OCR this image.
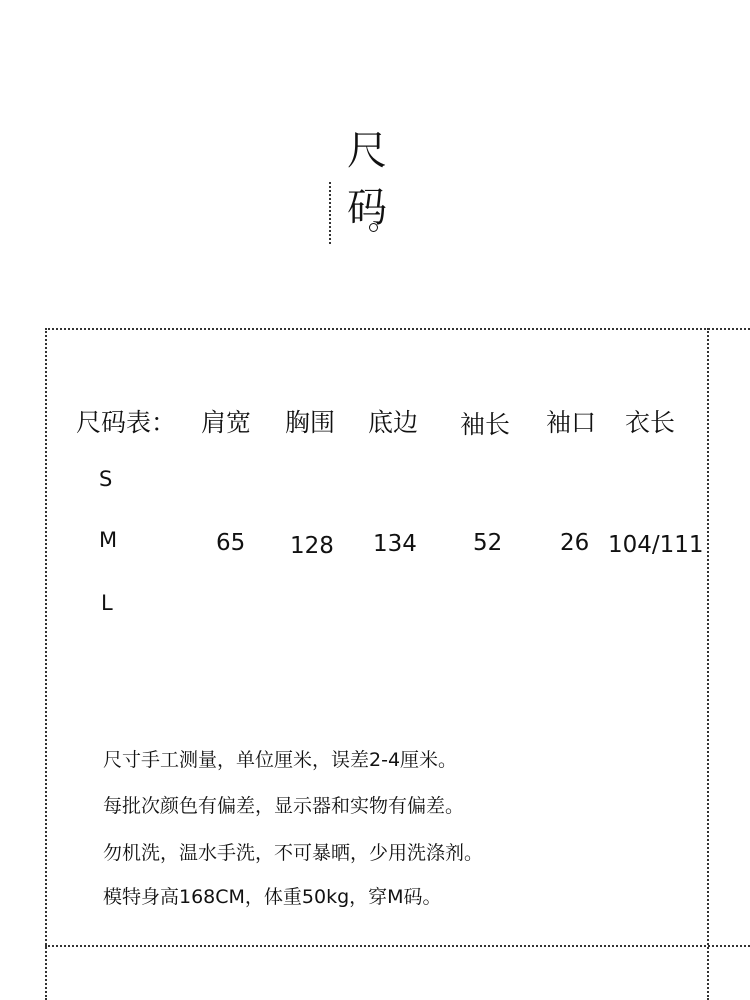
尺
码
尺码表： 肩宽 胸围 底边 袖长 袖口 衣长
S
M
L
65 128 134 52	26 104/111
尺寸手工测量，单位厘米，误差2-4厘米。
每批次颜色有偏差，显示器和实物有偏差。
勿机洗，温水手洗，不可暴晒，少用洗涤剂。
模特身高168CM，体重50kg，穿M码。
